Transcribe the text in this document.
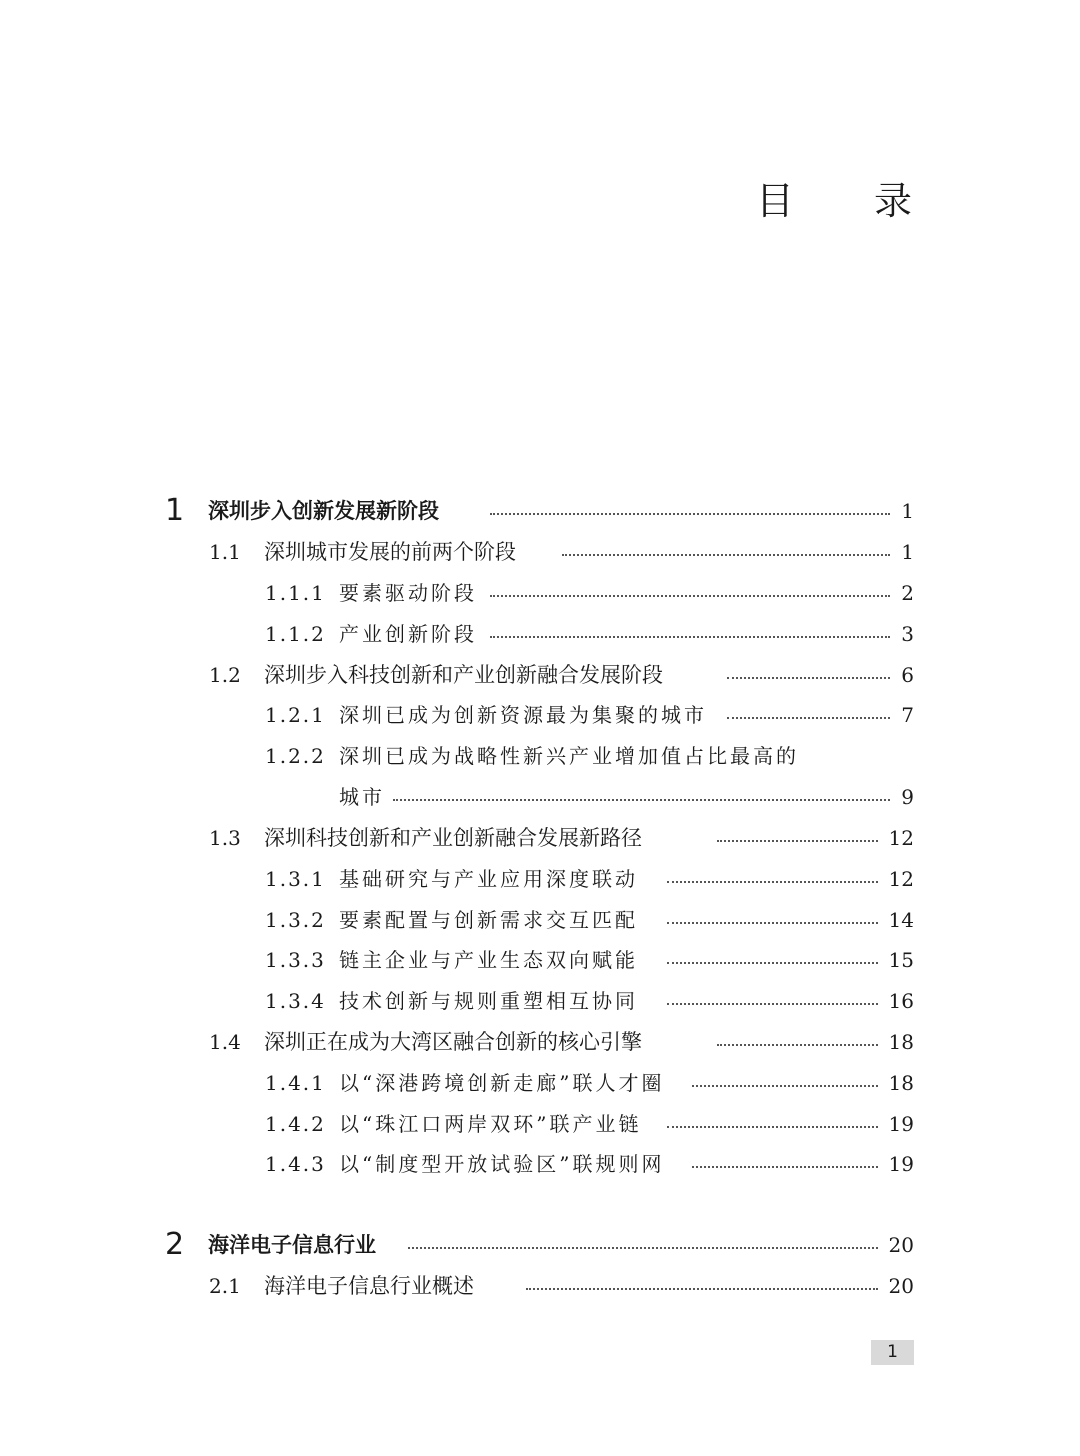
目 录
1 深圳步入创新发展新阶段	1
1.1 深圳城市发展的前两个阶段	1
1.1.1 要素驱动阶段	2
1.1.2 产业创新阶段	3
1.2 深圳步入科技创新和产业创新融合发展阶段	6
1.2.1 深圳已成为创新资源最为集聚的城市	7
1.2.2 深圳已成为战略性新兴产业增加值占比最高的
城市	9
1.3 深圳科技创新和产业创新融合发展新路径	12
1.3.1 基础研究与产业应用深度联动	12
1.3.2 要素配置与创新需求交互匹配	14
1.3.3 链主企业与产业生态双向赋能	15
1.3.4 技术创新与规则重塑相互协同	16
1.4 深圳正在成为大湾区融合创新的核心引擎	18
1.4.1 以“深港跨境创新走廊”联人才圈	18
1.4.2 以“珠江口两岸双环”联产业链	19
1.4.3 以“制度型开放试验区”联规则网	19
2 海洋电子信息行业	20
2.1 海洋电子信息行业概述	20
1
